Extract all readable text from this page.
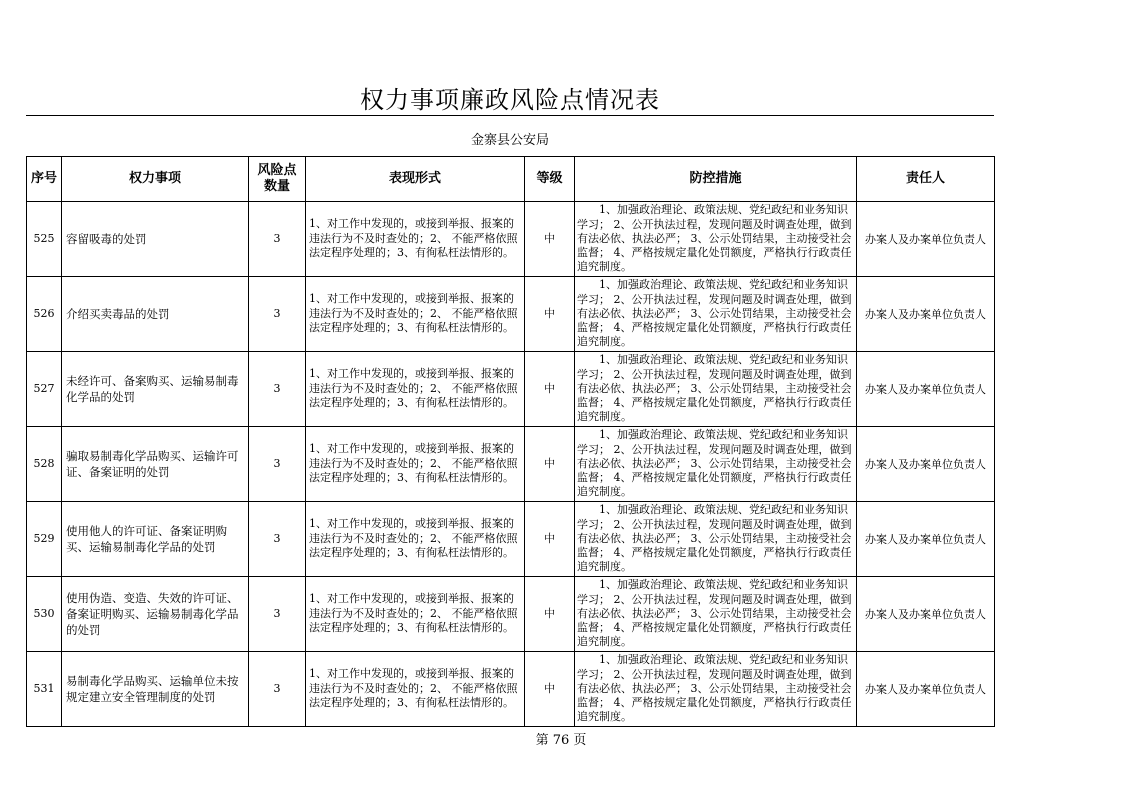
权力事项廉政风险点情况表
金寨县公安局
序号	权力事项	风险点数量	表现形式	等级	防控措施	责任人
525	容留吸毒的处罚	3	1、对工作中发现的，或接到举报、报案的违法行为不及时查处的；2、 不能严格依照法定程序处理的；3、有徇私枉法情形的。	中	　　1、加强政治理论、政策法规、党纪政纪和业务知识学习； 2、公开执法过程，发现问题及时调查处理，做到有法必依、执法必严； 3、公示处罚结果，主动接受社会监督； 4、严格按规定量化处罚额度，严格执行行政责任追究制度。	办案人及办案单位负责人
526	介绍买卖毒品的处罚	3	1、对工作中发现的，或接到举报、报案的违法行为不及时查处的；2、 不能严格依照法定程序处理的；3、有徇私枉法情形的。	中	　　1、加强政治理论、政策法规、党纪政纪和业务知识学习； 2、公开执法过程，发现问题及时调查处理，做到有法必依、执法必严； 3、公示处罚结果，主动接受社会监督； 4、严格按规定量化处罚额度，严格执行行政责任追究制度。	办案人及办案单位负责人
527	未经许可、备案购买、运输易制毒化学品的处罚	3	1、对工作中发现的，或接到举报、报案的违法行为不及时查处的；2、 不能严格依照法定程序处理的；3、有徇私枉法情形的。	中	　　1、加强政治理论、政策法规、党纪政纪和业务知识学习； 2、公开执法过程，发现问题及时调查处理，做到有法必依、执法必严； 3、公示处罚结果，主动接受社会监督； 4、严格按规定量化处罚额度，严格执行行政责任追究制度。	办案人及办案单位负责人
528	骗取易制毒化学品购买、运输许可证、备案证明的处罚	3	1、对工作中发现的，或接到举报、报案的违法行为不及时查处的；2、 不能严格依照法定程序处理的；3、有徇私枉法情形的。	中	　　1、加强政治理论、政策法规、党纪政纪和业务知识学习； 2、公开执法过程，发现问题及时调查处理，做到有法必依、执法必严； 3、公示处罚结果，主动接受社会监督； 4、严格按规定量化处罚额度，严格执行行政责任追究制度。	办案人及办案单位负责人
529	使用他人的许可证、备案证明购买、运输易制毒化学品的处罚	3	1、对工作中发现的，或接到举报、报案的违法行为不及时查处的；2、 不能严格依照法定程序处理的；3、有徇私枉法情形的。	中	　　1、加强政治理论、政策法规、党纪政纪和业务知识学习； 2、公开执法过程，发现问题及时调查处理，做到有法必依、执法必严； 3、公示处罚结果，主动接受社会监督； 4、严格按规定量化处罚额度，严格执行行政责任追究制度。	办案人及办案单位负责人
530	使用伪造、变造、失效的许可证、备案证明购买、运输易制毒化学品的处罚	3	1、对工作中发现的，或接到举报、报案的违法行为不及时查处的；2、 不能严格依照法定程序处理的；3、有徇私枉法情形的。	中	　　1、加强政治理论、政策法规、党纪政纪和业务知识学习； 2、公开执法过程，发现问题及时调查处理，做到有法必依、执法必严； 3、公示处罚结果，主动接受社会监督； 4、严格按规定量化处罚额度，严格执行行政责任追究制度。	办案人及办案单位负责人
531	易制毒化学品购买、运输单位未按规定建立安全管理制度的处罚	3	1、对工作中发现的，或接到举报、报案的违法行为不及时查处的；2、 不能严格依照法定程序处理的；3、有徇私枉法情形的。	中	　　1、加强政治理论、政策法规、党纪政纪和业务知识学习； 2、公开执法过程，发现问题及时调查处理，做到有法必依、执法必严； 3、公示处罚结果，主动接受社会监督； 4、严格按规定量化处罚额度，严格执行行政责任追究制度。	办案人及办案单位负责人
第 76 页
